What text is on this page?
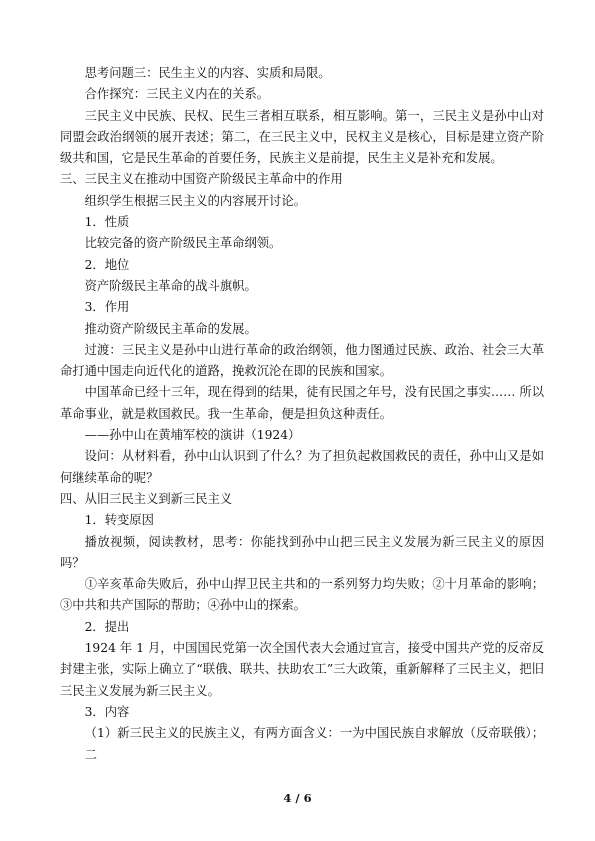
思考问题三：民生主义的内容、实质和局限。

合作探究：三民主义内在的关系。

三民主义中民族、民权、民生三者相互联系，相互影响。第一，三民主义是孙中山对同盟会政治纲领的展开表述；第二，在三民主义中，民权主义是核心，目标是建立资产阶级共和国，它是民生革命的首要任务，民族主义是前提，民生主义是补充和发展。

三、三民主义在推动中国资产阶级民主革命中的作用

组织学生根据三民主义的内容展开讨论。

1．性质

比较完备的资产阶级民主革命纲领。

2．地位

资产阶级民主革命的战斗旗帜。

3．作用

推动资产阶级民主革命的发展。

过渡：三民主义是孙中山进行革命的政治纲领，他力图通过民族、政治、社会三大革命打通中国走向近代化的道路，挽救沉沦在即的民族和国家。

中国革命已经十三年，现在得到的结果，徒有民国之年号，没有民国之事实…… 所以革命事业，就是救国救民。我一生革命，便是担负这种责任。

——孙中山在黄埔军校的演讲（1924）

设问：从材料看，孙中山认识到了什么？为了担负起救国救民的责任，孙中山又是如何继续革命的呢？

四、从旧三民主义到新三民主义

1．转变原因

播放视频，阅读教材，思考：你能找到孙中山把三民主义发展为新三民主义的原因吗？

①辛亥革命失败后，孙中山捍卫民主共和的一系列努力均失败；②十月革命的影响；③中共和共产国际的帮助；④孙中山的探索。

2．提出

1924 年 1 月，中国国民党第一次全国代表大会通过宣言，接受中国共产党的反帝反封建主张，实际上确立了“联俄、联共、扶助农工”三大政策，重新解释了三民主义，把旧三民主义发展为新三民主义。

3．内容

（1）新三民主义的民族主义，有两方面含义：一为中国民族自求解放（反帝联俄）；二

4 / 6
